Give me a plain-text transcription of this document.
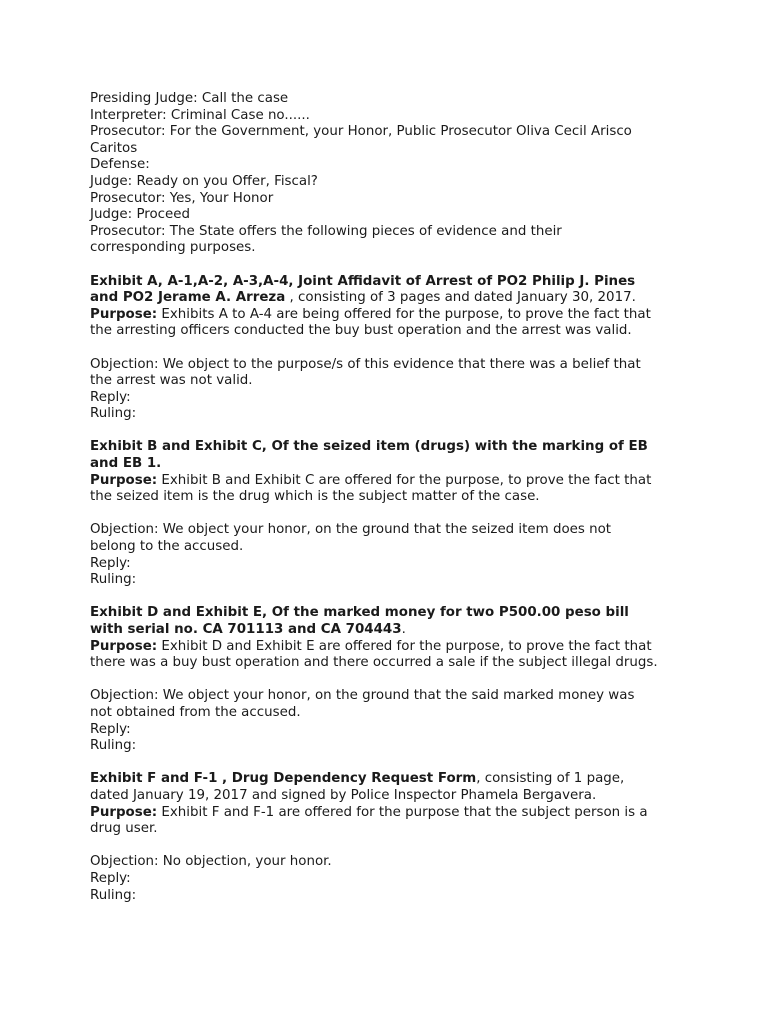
Presiding Judge: Call the case
Interpreter: Criminal Case no......
Prosecutor: For the Government, your Honor, Public Prosecutor Oliva Cecil Arisco
Caritos
Defense:
Judge: Ready on you Offer, Fiscal?
Prosecutor: Yes, Your Honor
Judge: Proceed
Prosecutor: The State offers the following pieces of evidence and their
corresponding purposes.
Exhibit A, A-1,A-2, A-3,A-4, Joint Affidavit of Arrest of PO2 Philip J. Pines
and PO2 Jerame A. Arreza , consisting of 3 pages and dated January 30, 2017.
Purpose: Exhibits A to A-4 are being offered for the purpose, to prove the fact that
the arresting officers conducted the buy bust operation and the arrest was valid.
Objection: We object to the purpose/s of this evidence that there was a belief that
the arrest was not valid.
Reply:
Ruling:
Exhibit B and Exhibit C, Of the seized item (drugs) with the marking of EB
and EB 1.
Purpose: Exhibit B and Exhibit C are offered for the purpose, to prove the fact that
the seized item is the drug which is the subject matter of the case.
Objection: We object your honor, on the ground that the seized item does not
belong to the accused.
Reply:
Ruling:
Exhibit D and Exhibit E, Of the marked money for two P500.00 peso bill
with serial no. CA 701113 and CA 704443.
Purpose: Exhibit D and Exhibit E are offered for the purpose, to prove the fact that
there was a buy bust operation and there occurred a sale if the subject illegal drugs.
Objection: We object your honor, on the ground that the said marked money was
not obtained from the accused.
Reply:
Ruling:
Exhibit F and F-1 , Drug Dependency Request Form, consisting of 1 page,
dated January 19, 2017 and signed by Police Inspector Phamela Bergavera.
Purpose: Exhibit F and F-1 are offered for the purpose that the subject person is a
drug user.
Objection: No objection, your honor.
Reply:
Ruling:
